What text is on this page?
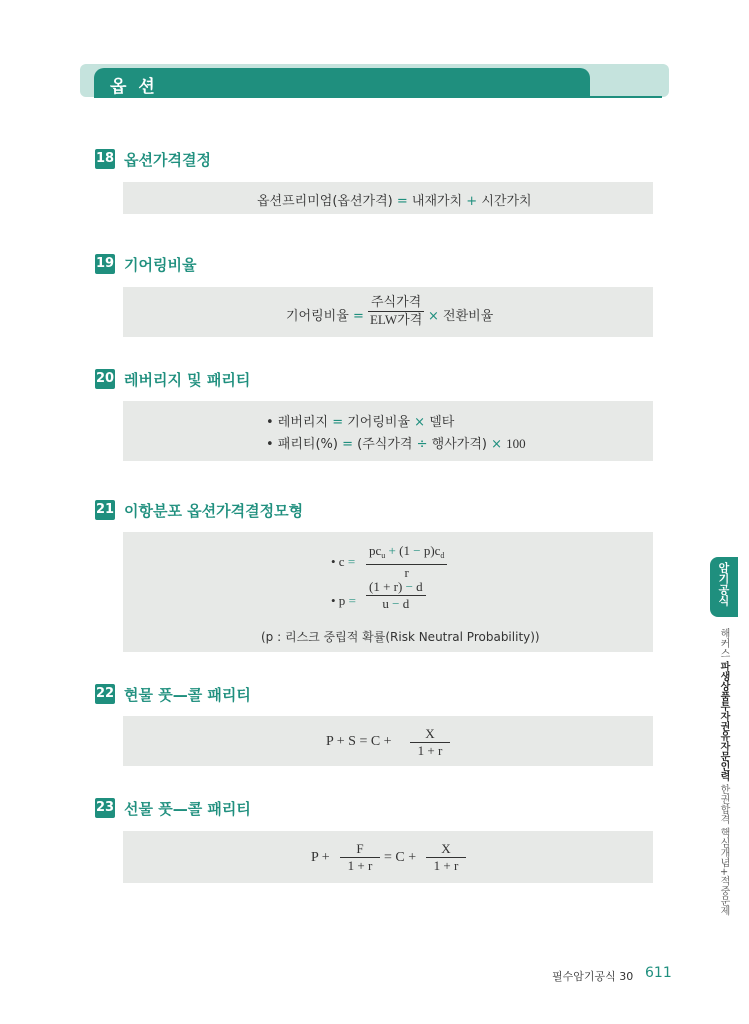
옵 션
18 옵션가격결정
옵션프리미엄(옵션가격) = 내재가치 + 시간가치
19 기어링비율
기어링비율 =
주식가격
ELW가격 × 전환비율
20 레버리지 및 패리티
• 레버리지 = 기어링비율 × 델타
• 패리티(%) = (주식가격 ÷ 행사가격) × 100
21 이항분포 옵션가격결정모형
• c =
$pc_u + (1 - p)c_d$
r
• $p = \frac{(1 + r) - d}{u - d}$
(p : 리스크 중립적 확률(Risk Neutral Probability))
22 현물 풋—콜 패리티
$P + S = C + \frac{X}{1 + r}$
23 선물 풋—콜 패리티
$P + \frac{F}{1 + r} = C + \frac{X}{1 + r}$
암기공식
해커스 파생상품투자권유자문인력 한권합격 핵심개념+적중문제
필수암기공식 30 611
